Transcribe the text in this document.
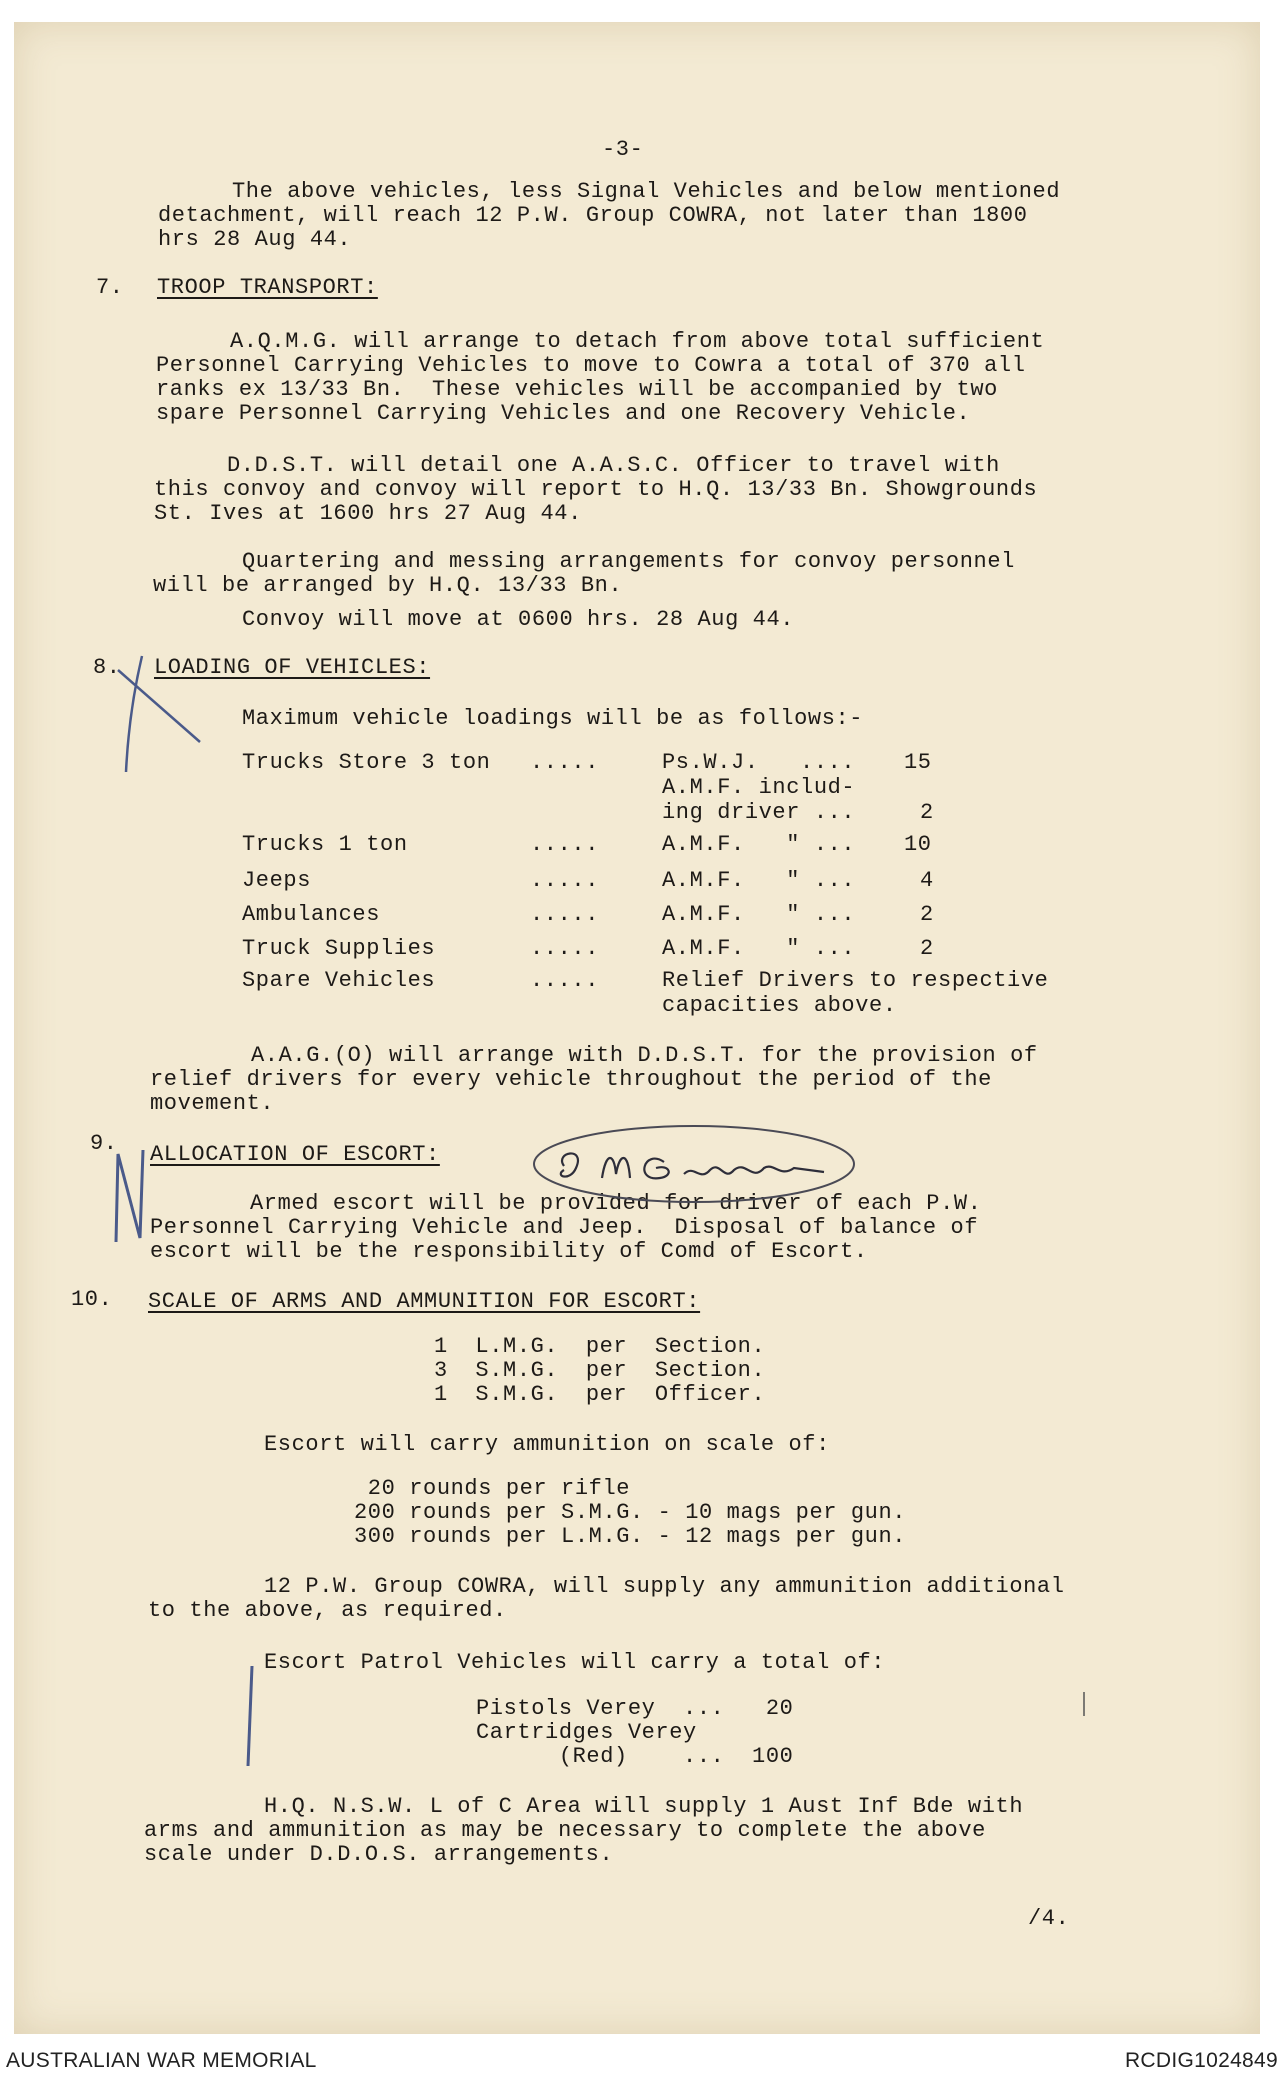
-3-
The above vehicles, less Signal Vehicles and below mentioned
detachment, will reach 12 P.W. Group COWRA, not later than 1800
hrs 28 Aug 44.
7. TROOP TRANSPORT:
A.Q.M.G. will arrange to detach from above total sufficient
Personnel Carrying Vehicles to move to Cowra a total of 370 all
ranks ex 13/33 Bn.  These vehicles will be accompanied by two
spare Personnel Carrying Vehicles and one Recovery Vehicle.
D.D.S.T. will detail one A.A.S.C. Officer to travel with
this convoy and convoy will report to H.Q. 13/33 Bn. Showgrounds
St. Ives at 1600 hrs 27 Aug 44.
Quartering and messing arrangements for convoy personnel
will be arranged by H.Q. 13/33 Bn.
Convoy will move at 0600 hrs. 28 Aug 44.
8. LOADING OF VEHICLES:
Maximum vehicle loadings will be as follows:-
Trucks Store 3 ton .....	Ps.W.J.   .... 15
A.M.F. includ-
ing driver ...	2
Trucks 1 ton	.....	A.M.F.   " ... 10
Jeeps	.....	A.M.F.   " ...	4
Ambulances	.....	A.M.F.   " ...	2
Truck Supplies	.....	A.M.F.   " ...	2
Spare Vehicles	.....	Relief Drivers to respective
capacities above.
A.A.G.(O) will arrange with D.D.S.T. for the provision of
relief drivers for every vehicle throughout the period of the
movement.
9. ALLOCATION OF ESCORT:
Armed escort will be provided for driver of each P.W.
Personnel Carrying Vehicle and Jeep.  Disposal of balance of
escort will be the responsibility of Comd of Escort.
10. SCALE OF ARMS AND AMMUNITION FOR ESCORT:
1  L.M.G.  per  Section.
3  S.M.G.  per  Section.
1  S.M.G.  per  Officer.
Escort will carry ammunition on scale of:
20 rounds per rifle
200 rounds per S.M.G. - 10 mags per gun.
300 rounds per L.M.G. - 12 mags per gun.
12 P.W. Group COWRA, will supply any ammunition additional
to the above, as required.
Escort Patrol Vehicles will carry a total of:
Pistols Verey  ...   20
Cartridges Verey
(Red)    ...  100
H.Q. N.S.W. L of C Area will supply 1 Aust Inf Bde with
arms and ammunition as may be necessary to complete the above
scale under D.D.O.S. arrangements.
/4.
AUSTRALIAN WAR MEMORIAL	RCDIG1024849
